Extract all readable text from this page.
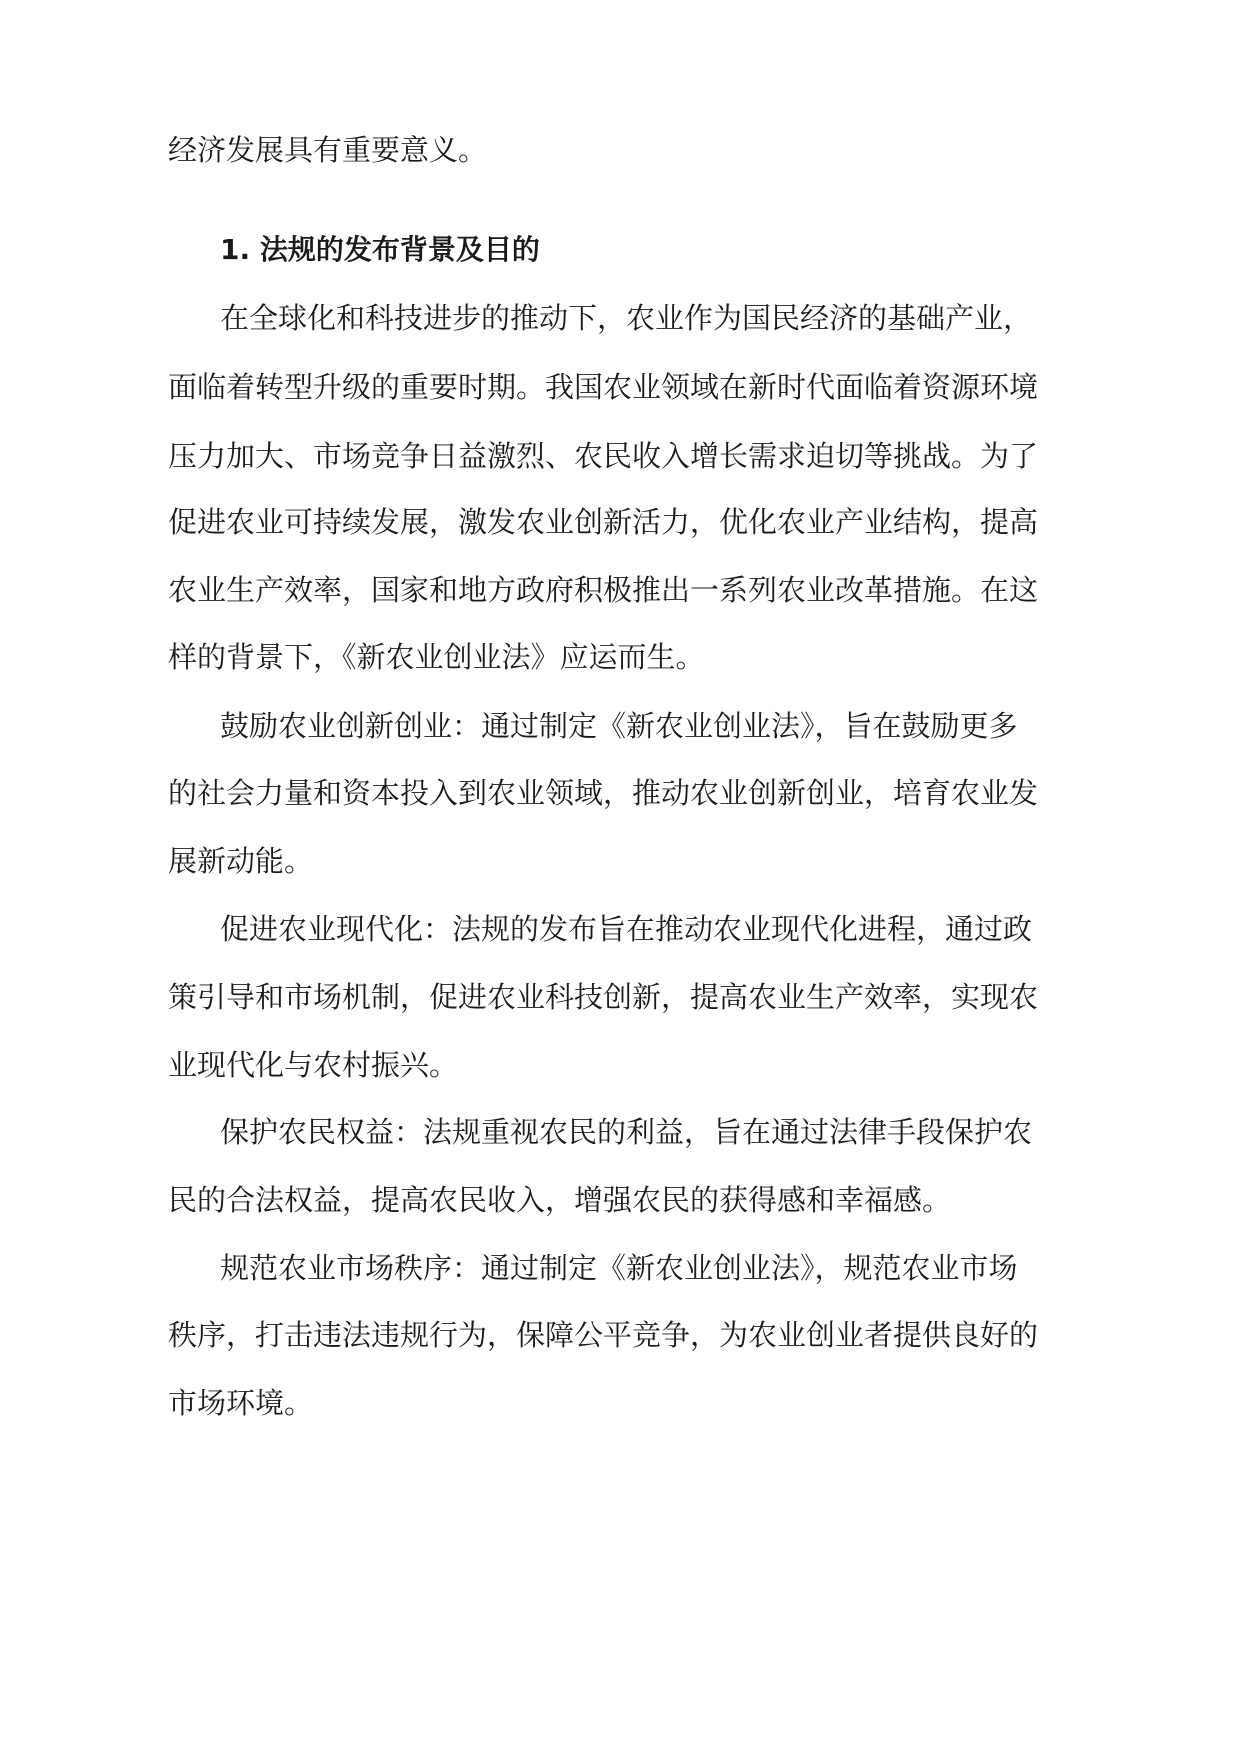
经济发展具有重要意义。
1. 法规的发布背景及目的
在全球化和科技进步的推动下，农业作为国民经济的基础产业，
面临着转型升级的重要时期。我国农业领域在新时代面临着资源环境
压力加大、市场竞争日益激烈、农民收入增长需求迫切等挑战。为了
促进农业可持续发展，激发农业创新活力，优化农业产业结构，提高
农业生产效率，国家和地方政府积极推出一系列农业改革措施。在这
样的背景下，《新农业创业法》应运而生。
鼓励农业创新创业：通过制定《新农业创业法》，旨在鼓励更多
的社会力量和资本投入到农业领域，推动农业创新创业，培育农业发
展新动能。
促进农业现代化：法规的发布旨在推动农业现代化进程，通过政
策引导和市场机制，促进农业科技创新，提高农业生产效率，实现农
业现代化与农村振兴。
保护农民权益：法规重视农民的利益，旨在通过法律手段保护农
民的合法权益，提高农民收入，增强农民的获得感和幸福感。
规范农业市场秩序：通过制定《新农业创业法》，规范农业市场
秩序，打击违法违规行为，保障公平竞争，为农业创业者提供良好的
市场环境。
